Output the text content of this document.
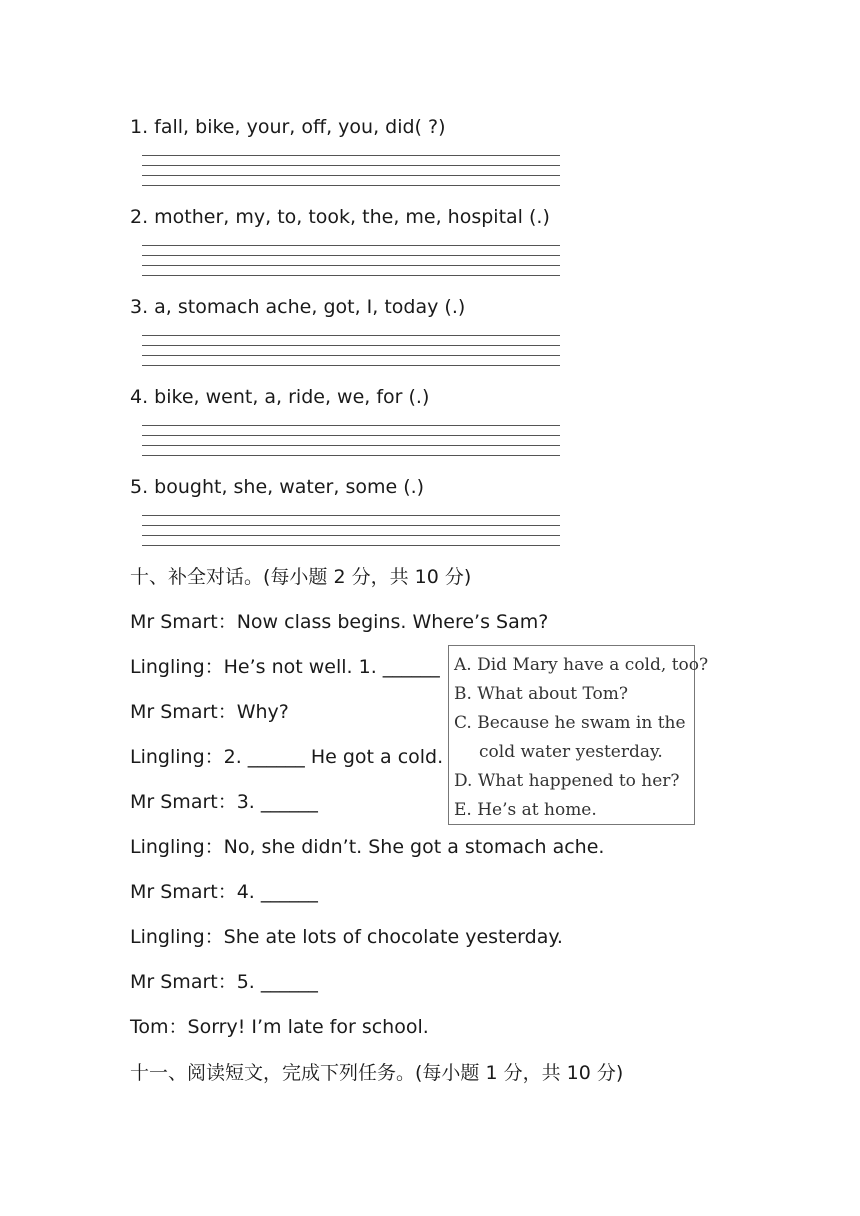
1. fall, bike, your, off, you, did( ?)
2. mother, my, to, took, the, me, hospital (.)
3. a, stomach ache, got, I, today (.)
4. bike, went, a, ride, we, for (.)
5. bought, she, water, some (.)
十、补全对话。(每小题 2 分，共 10 分)
Mr Smart：Now class begins. Where’s Sam?
Lingling：He’s not well. 1. ______
Mr Smart：Why?
Lingling：2. ______ He got a cold.
Mr Smart：3. ______
Lingling：No, she didn’t. She got a stomach ache.
Mr Smart：4. ______
Lingling：She ate lots of chocolate yesterday.
Mr Smart：5. ______
Tom：Sorry! I’m late for school.
A. Did Mary have a cold, too?
B. What about Tom?
C. Because he swam in the
cold water yesterday.
D. What happened to her?
E. He’s at home.
十一、阅读短文，完成下列任务。(每小题 1 分，共 10 分)
